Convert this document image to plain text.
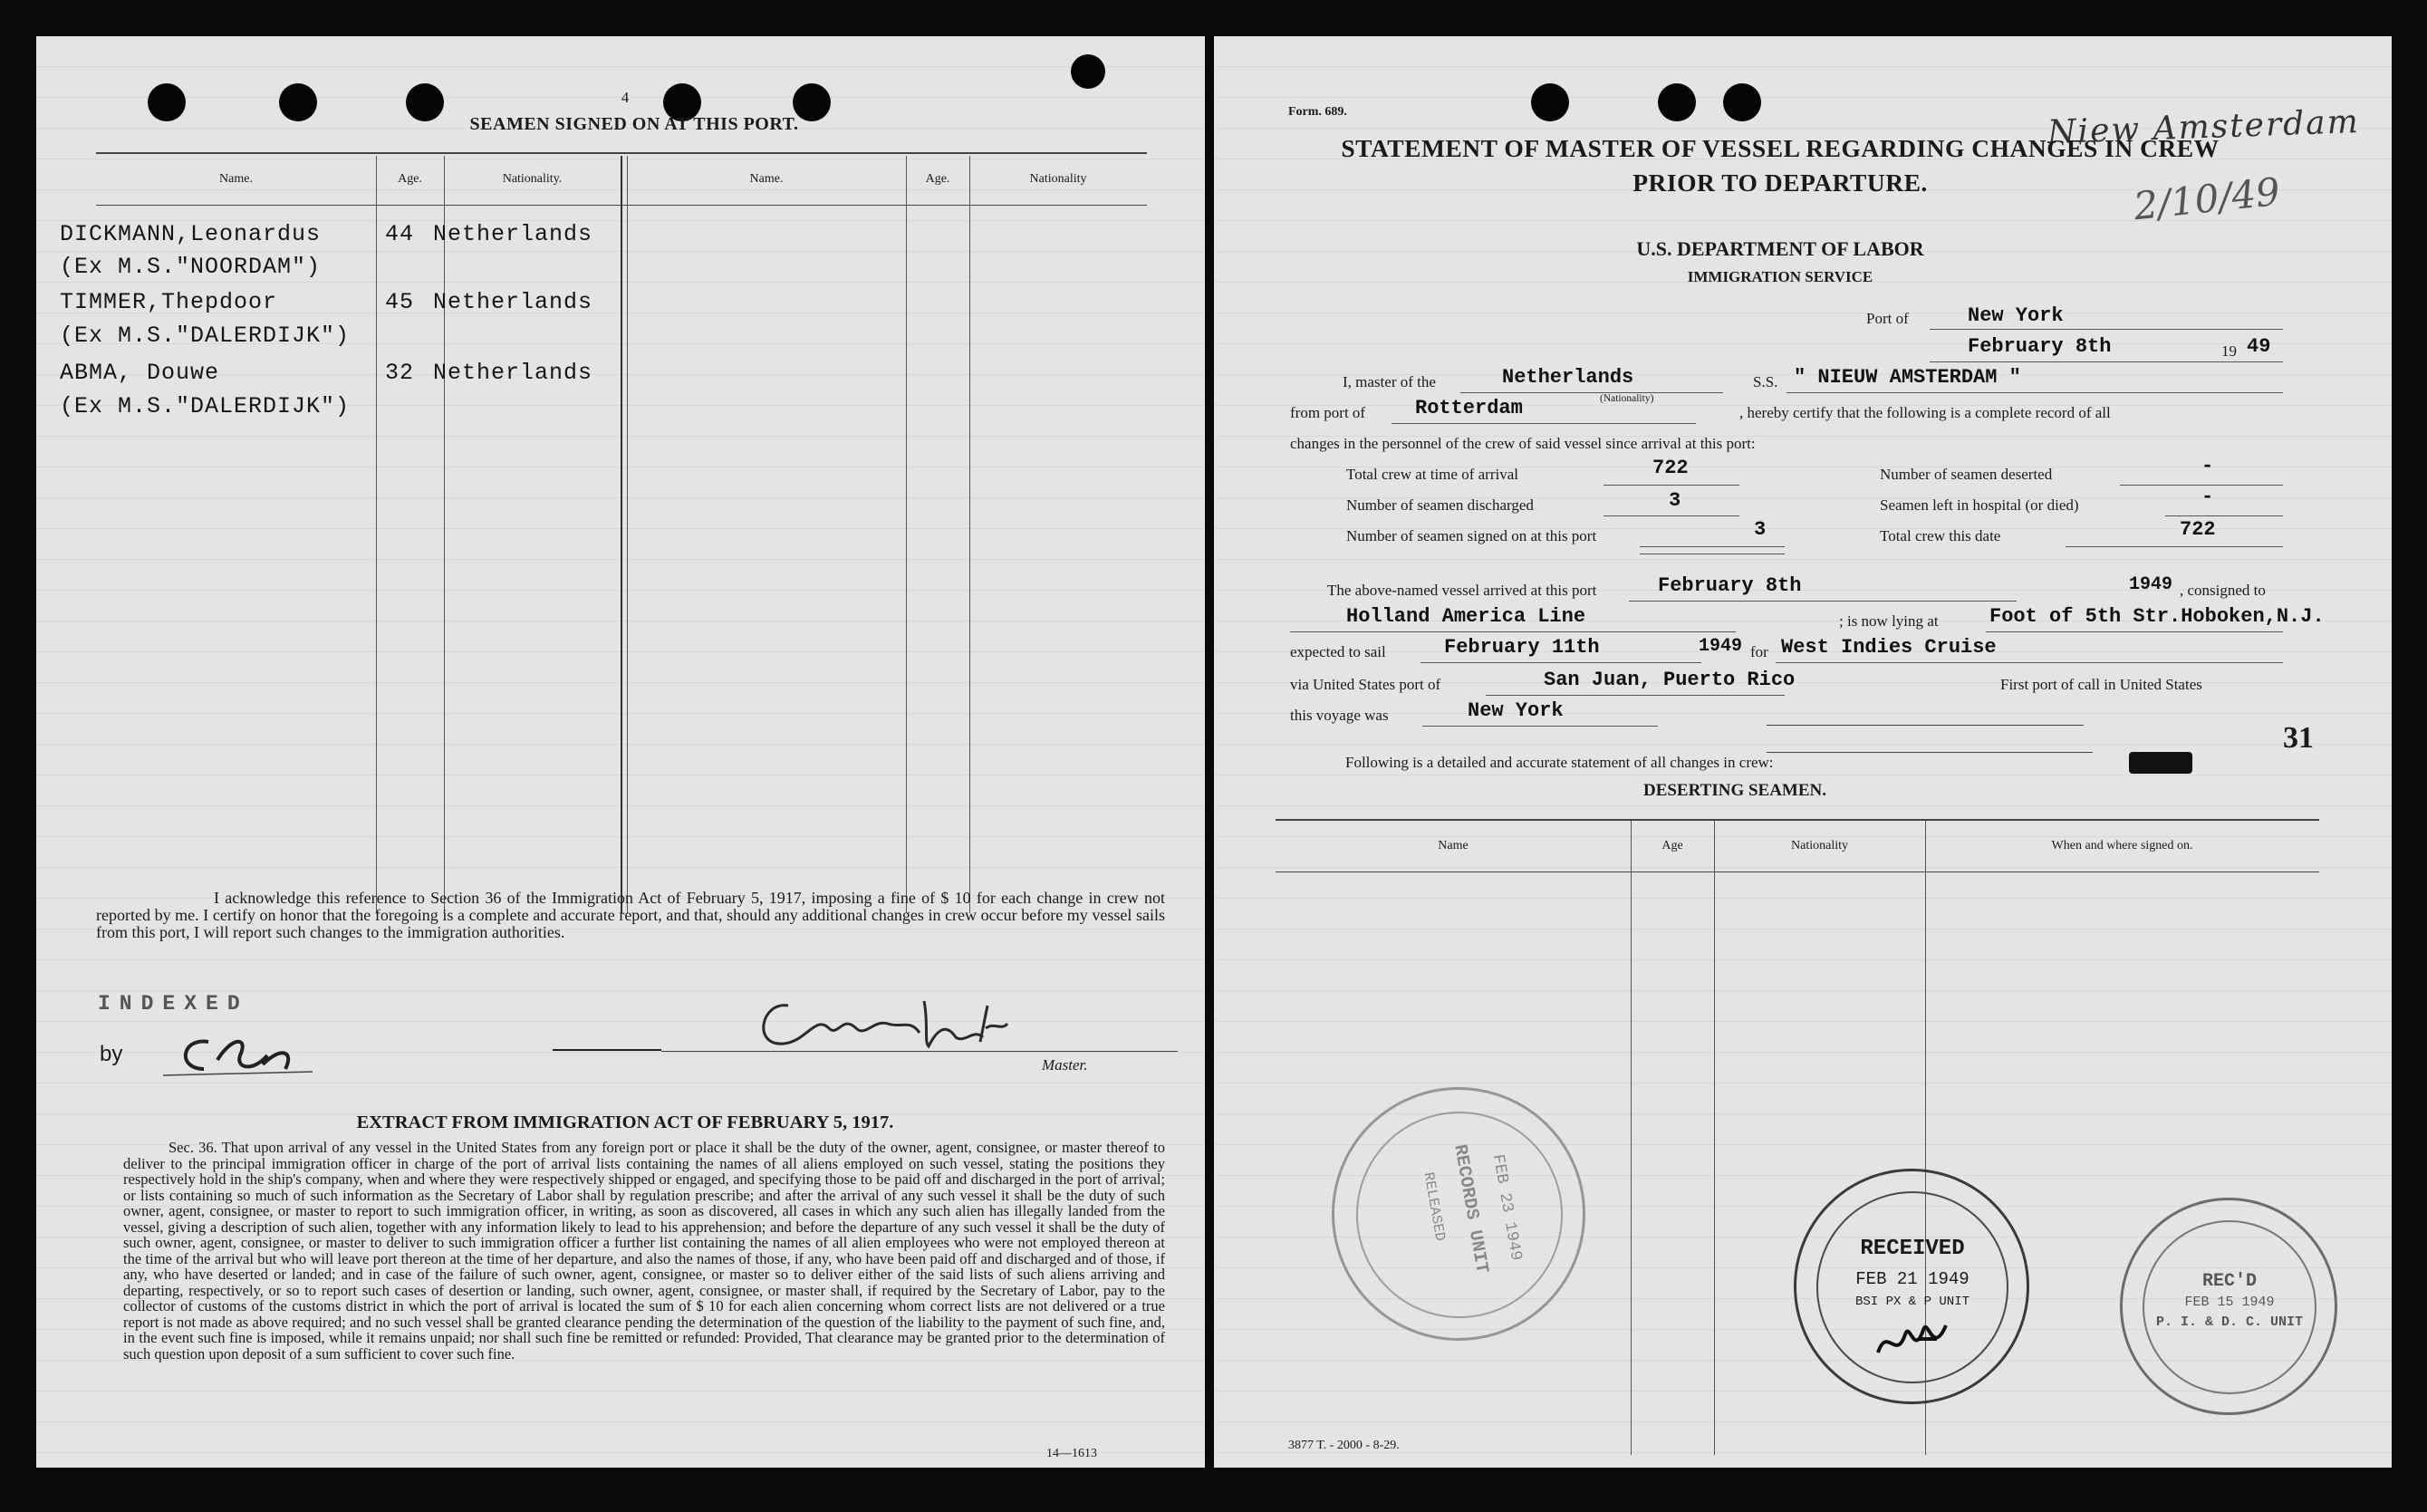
4
SEAMEN SIGNED ON AT THIS PORT.
Name.	Age.	Nationality.	Name.	Age.	Nationality
DICKMANN,Leonardus	44 Netherlands
(Ex M.S."NOORDAM")
TIMMER,Thepdoor	45 Netherlands
(Ex M.S."DALERDIJK")
ABMA, Douwe	32 Netherlands
(Ex M.S."DALERDIJK")
I acknowledge this reference to Section 36 of the Immigration Act of February 5, 1917, imposing a fine of $ 10 for each change in crew not reported by me. I certify on honor that the foregoing is a complete and accurate report, and that, should any additional changes in crew occur before my vessel sails from this port, I will report such changes to the immigration authorities.
INDEXED
by	Master.
EXTRACT FROM IMMIGRATION ACT OF FEBRUARY 5, 1917.
Sec. 36. That upon arrival of any vessel in the United States from any foreign port or place it shall be the duty of the owner, agent, consignee, or master thereof to deliver to the principal immigration officer in charge of the port of arrival lists containing the names of all aliens employed on such vessel, stating the positions they respectively hold in the ship's company, when and where they were respectively shipped or engaged, and specifying those to be paid off and discharged in the port of arrival; or lists containing so much of such information as the Secretary of Labor shall by regulation prescribe; and after the arrival of any such vessel it shall be the duty of such owner, agent, consignee, or master to report to such immigration officer, in writing, as soon as discovered, all cases in which any such alien has illegally landed from the vessel, giving a description of such alien, together with any information likely to lead to his apprehension; and before the departure of any such vessel it shall be the duty of such owner, agent, consignee, or master to deliver to such immigration officer a further list containing the names of all alien employees who were not employed thereon at the time of the arrival but who will leave port thereon at the time of her departure, and also the names of those, if any, who have been paid off and discharged and of those, if any, who have deserted or landed; and in case of the failure of such owner, agent, consignee, or master so to deliver either of the said lists of such aliens arriving and departing, respectively, or so to report such cases of desertion or landing, such owner, agent, consignee, or master shall, if required by the Secretary of Labor, pay to the collector of customs of the customs district in which the port of arrival is located the sum of $ 10 for each alien concerning whom correct lists are not delivered or a true report is not made as above required; and no such vessel shall be granted clearance pending the determination of the question of the liability to the payment of such fine, and, in the event such fine is imposed, while it remains unpaid; nor shall such fine be remitted or refunded: Provided, That clearance may be granted prior to the determination of such question upon deposit of a sum sufficient to cover such fine.
14—1613
Form. 689.	Niew Amsterdam
2/10/49
STATEMENT OF MASTER OF VESSEL REGARDING CHANGES IN CREW
PRIOR TO DEPARTURE.
U.S. DEPARTMENT OF LABOR
IMMIGRATION SERVICE
Port of	New York
February 8th	19 49
I, master of the	Netherlands
(Nationality)
S.S. " NIEUW AMSTERDAM "
from port of Rotterdam	, hereby certify that the following is a complete record of all
changes in the personnel of the crew of said vessel since arrival at this port:
Total crew at time of arrival	722
Number of seamen discharged	3
Number of seamen signed on at this port	3
Number of seamen deserted	-
Seamen left in hospital (or died)	-
Total crew this date	722
The above-named vessel arrived at this port	February 8th	1949 , consigned to
Holland America Line	; is now lying at	Foot of 5th Str.Hoboken,N.J.
expected to sail	February 11th	1949 for West Indies Cruise
via United States port of	San Juan, Puerto Rico	First port of call in United States
this voyage was	New York
31
Following is a detailed and accurate statement of all changes in crew:
DESERTING SEAMEN.
Name	Age	Nationality	When and where signed on.
RECEIVED
FEB 21 1949
BSI PX & P UNIT
REC'D
FEB 15 1949
P. I. & D. C. UNIT
RECORDS UNIT
FEB 23 1949
RELEASED
3877 T. - 2000 - 8-29.
